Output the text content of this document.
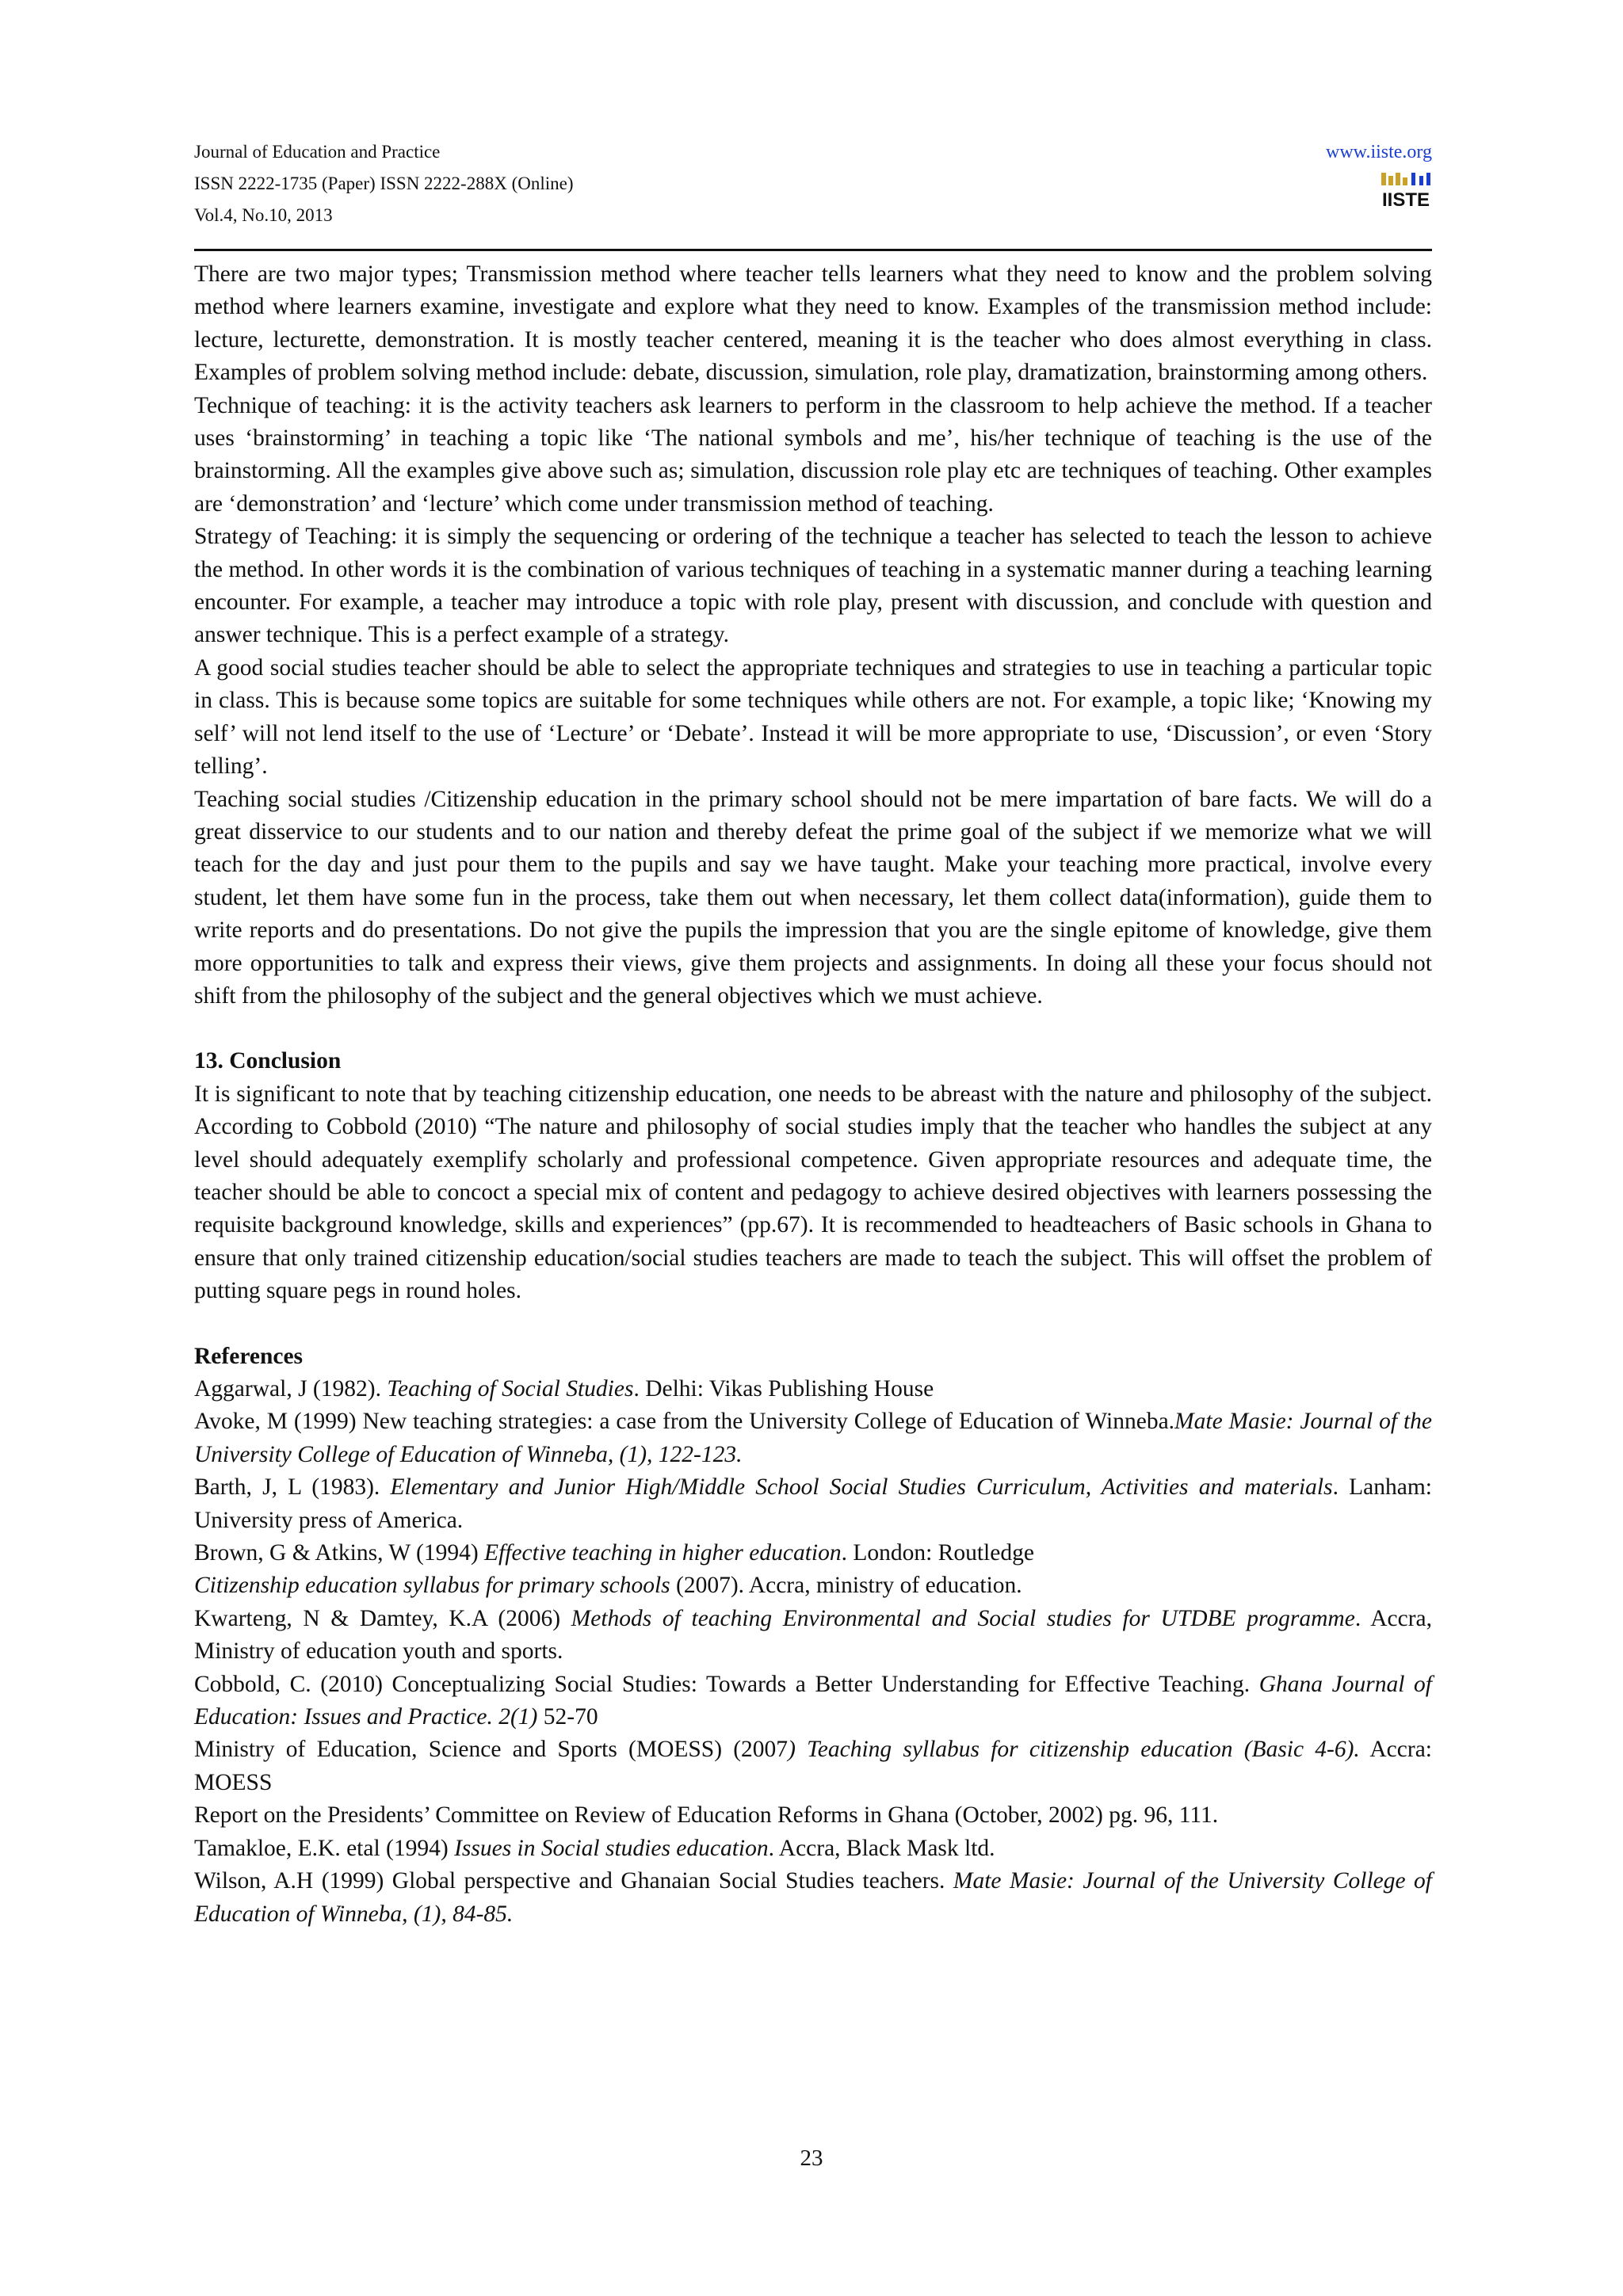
Journal of Education and Practice
ISSN 2222-1735 (Paper) ISSN 2222-288X (Online)
Vol.4, No.10, 2013
www.iiste.org
IISTE

There are two major types; Transmission method where teacher tells learners what they need to know and the problem solving method where learners examine, investigate and explore what they need to know. Examples of the transmission method include: lecture, lecturette, demonstration. It is mostly teacher centered, meaning it is the teacher who does almost everything in class. Examples of problem solving method include: debate, discussion, simulation, role play, dramatization, brainstorming among others.

Technique of teaching: it is the activity teachers ask learners to perform in the classroom to help achieve the method. If a teacher uses ‘brainstorming’ in teaching a topic like ‘The national symbols and me’, his/her technique of teaching is the use of the brainstorming. All the examples give above such as; simulation, discussion role play etc are techniques of teaching. Other examples are ‘demonstration’ and ‘lecture’ which come under transmission method of teaching.

Strategy of Teaching: it is simply the sequencing or ordering of the technique a teacher has selected to teach the lesson to achieve the method. In other words it is the combination of various techniques of teaching in a systematic manner during a teaching learning encounter. For example, a teacher may introduce a topic with role play, present with discussion, and conclude with question and answer technique. This is a perfect example of a strategy.

A good social studies teacher should be able to select the appropriate techniques and strategies to use in teaching a particular topic in class. This is because some topics are suitable for some techniques while others are not. For example, a topic like; ‘Knowing my self’ will not lend itself to the use of ‘Lecture’ or ‘Debate’. Instead it will be more appropriate to use, ‘Discussion’, or even ‘Story telling’.

Teaching social studies /Citizenship education in the primary school should not be mere impartation of bare facts. We will do a great disservice to our students and to our nation and thereby defeat the prime goal of the subject if we memorize what we will teach for the day and just pour them to the pupils and say we have taught. Make your teaching more practical, involve every student, let them have some fun in the process, take them out when necessary, let them collect data(information), guide them to write reports and do presentations. Do not give the pupils the impression that you are the single epitome of knowledge, give them more opportunities to talk and express their views, give them projects and assignments. In doing all these your focus should not shift from the philosophy of the subject and the general objectives which we must achieve.

13. Conclusion

It is significant to note that by teaching citizenship education, one needs to be abreast with the nature and philosophy of the subject. According to Cobbold (2010) “The nature and philosophy of social studies imply that the teacher who handles the subject at any level should adequately exemplify scholarly and professional competence. Given appropriate resources and adequate time, the teacher should be able to concoct a special mix of content and pedagogy to achieve desired objectives with learners possessing the requisite background knowledge, skills and experiences” (pp.67). It is recommended to headteachers of Basic schools in Ghana to ensure that only trained citizenship education/social studies teachers are made to teach the subject. This will offset the problem of putting square pegs in round holes.

References

Aggarwal, J (1982). Teaching of Social Studies. Delhi: Vikas Publishing House

Avoke, M (1999) New teaching strategies: a case from the University College of Education of Winneba.Mate Masie: Journal of the University College of Education of Winneba, (1), 122-123.

Barth, J, L (1983). Elementary and Junior High/Middle School Social Studies Curriculum, Activities and materials. Lanham: University press of America.

Brown, G & Atkins, W (1994) Effective teaching in higher education. London: Routledge

Citizenship education syllabus for primary schools (2007). Accra, ministry of education.

Kwarteng, N & Damtey, K.A (2006) Methods of teaching Environmental and Social studies for UTDBE programme. Accra, Ministry of education youth and sports.

Cobbold, C. (2010) Conceptualizing Social Studies: Towards a Better Understanding for Effective Teaching. Ghana Journal of Education: Issues and Practice. 2(1) 52-70

Ministry of Education, Science and Sports (MOESS) (2007) Teaching syllabus for citizenship education (Basic 4-6). Accra: MOESS

Report on the Presidents’ Committee on Review of Education Reforms in Ghana (October, 2002) pg. 96, 111.

Tamakloe, E.K. etal (1994) Issues in Social studies education. Accra, Black Mask ltd.

Wilson, A.H (1999) Global perspective and Ghanaian Social Studies teachers. Mate Masie: Journal of the University College of Education of Winneba, (1), 84-85.

23
